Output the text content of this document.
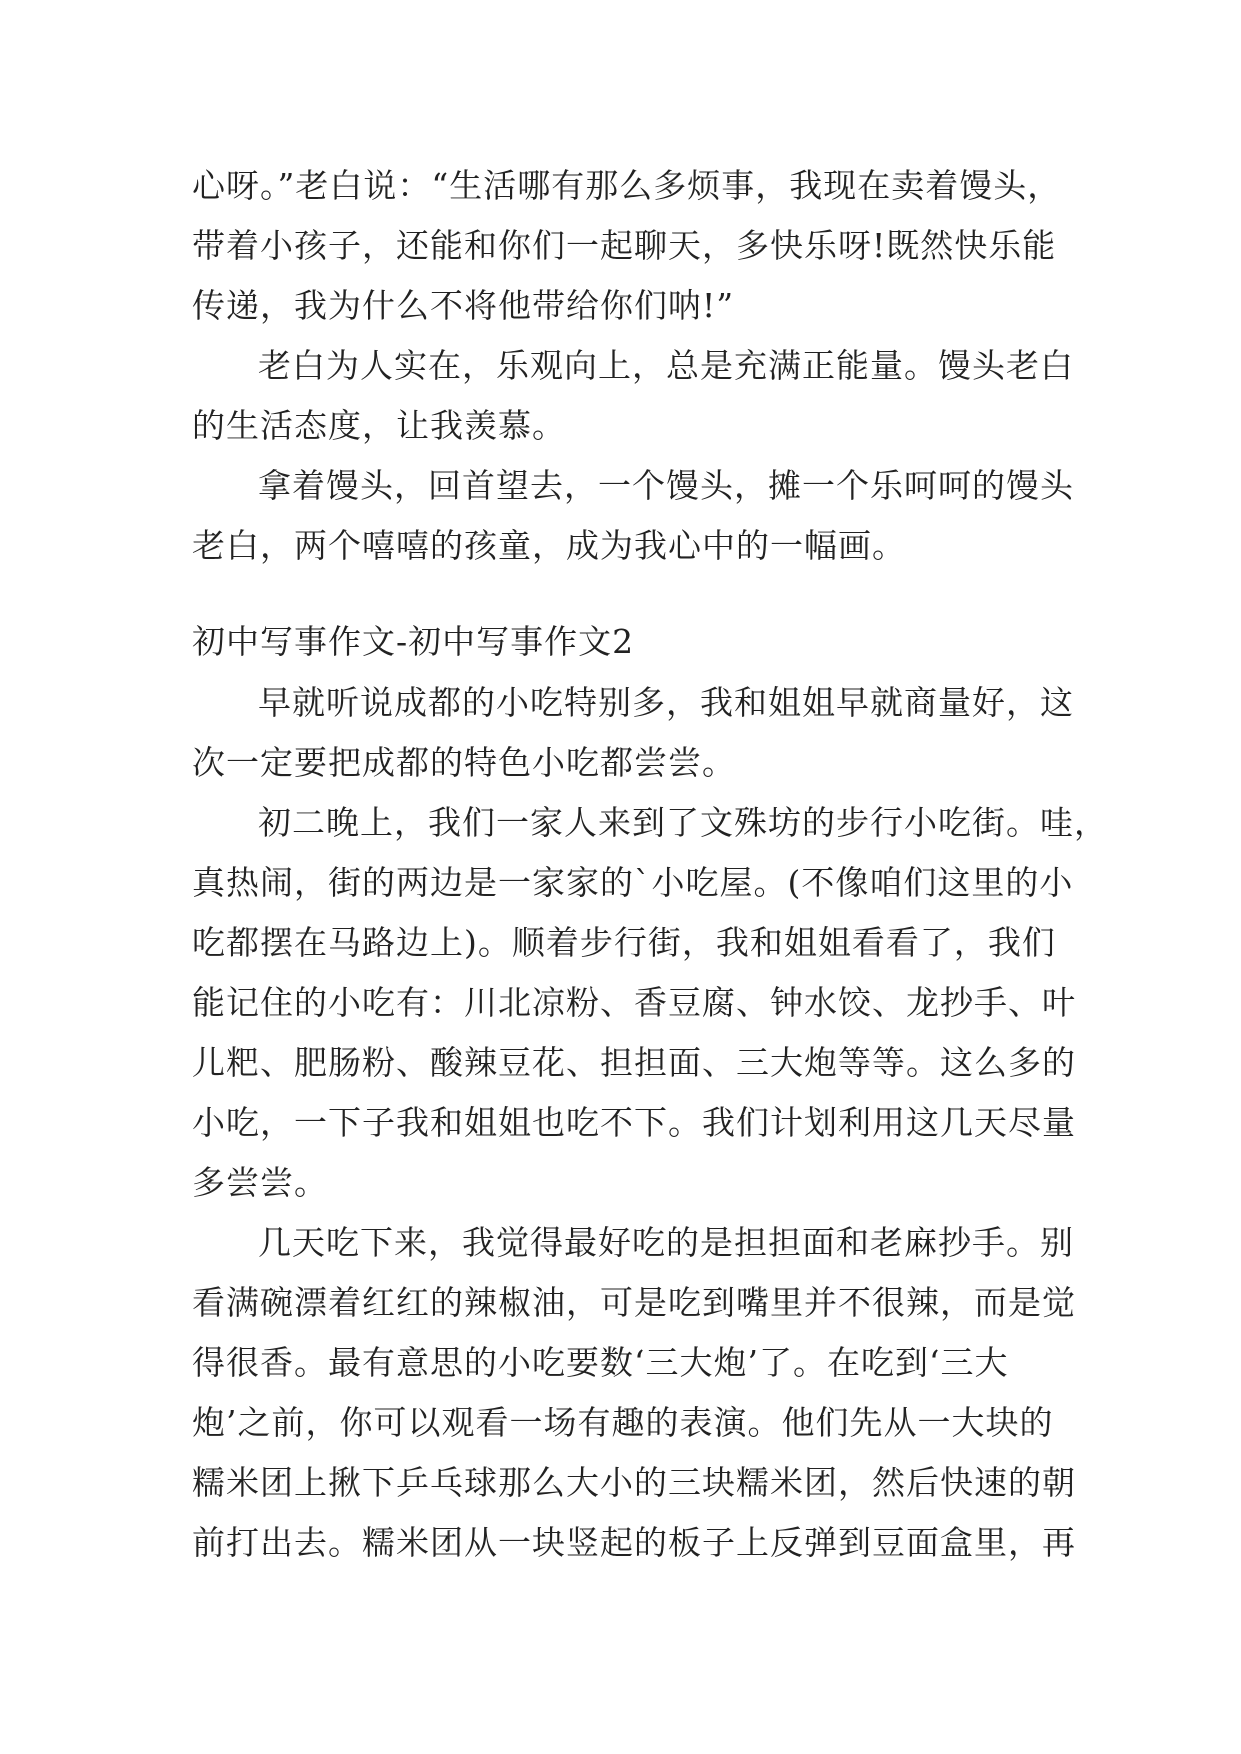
心呀。”老白说：“生活哪有那么多烦事，我现在卖着馒头，
带着小孩子，还能和你们一起聊天，多快乐呀!既然快乐能
传递，我为什么不将他带给你们呐!”
老白为人实在，乐观向上，总是充满正能量。馒头老白
的生活态度，让我羡慕。
拿着馒头，回首望去，一个馒头，摊一个乐呵呵的馒头
老白，两个嘻嘻的孩童，成为我心中的一幅画。
初中写事作文-初中写事作文2
早就听说成都的小吃特别多，我和姐姐早就商量好，这
次一定要把成都的特色小吃都尝尝。
初二晚上，我们一家人来到了文殊坊的步行小吃街。哇，
真热闹，街的两边是一家家的`小吃屋。(不像咱们这里的小
吃都摆在马路边上)。顺着步行街，我和姐姐看看了，我们
能记住的小吃有：川北凉粉、香豆腐、钟水饺、龙抄手、叶
儿粑、肥肠粉、酸辣豆花、担担面、三大炮等等。这么多的
小吃，一下子我和姐姐也吃不下。我们计划利用这几天尽量
多尝尝。
几天吃下来，我觉得最好吃的是担担面和老麻抄手。别
看满碗漂着红红的辣椒油，可是吃到嘴里并不很辣，而是觉
得很香。最有意思的小吃要数‘三大炮’了。在吃到‘三大
炮’之前，你可以观看一场有趣的表演。他们先从一大块的
糯米团上揪下乒乓球那么大小的三块糯米团，然后快速的朝
前打出去。糯米团从一块竖起的板子上反弹到豆面盒里，再
